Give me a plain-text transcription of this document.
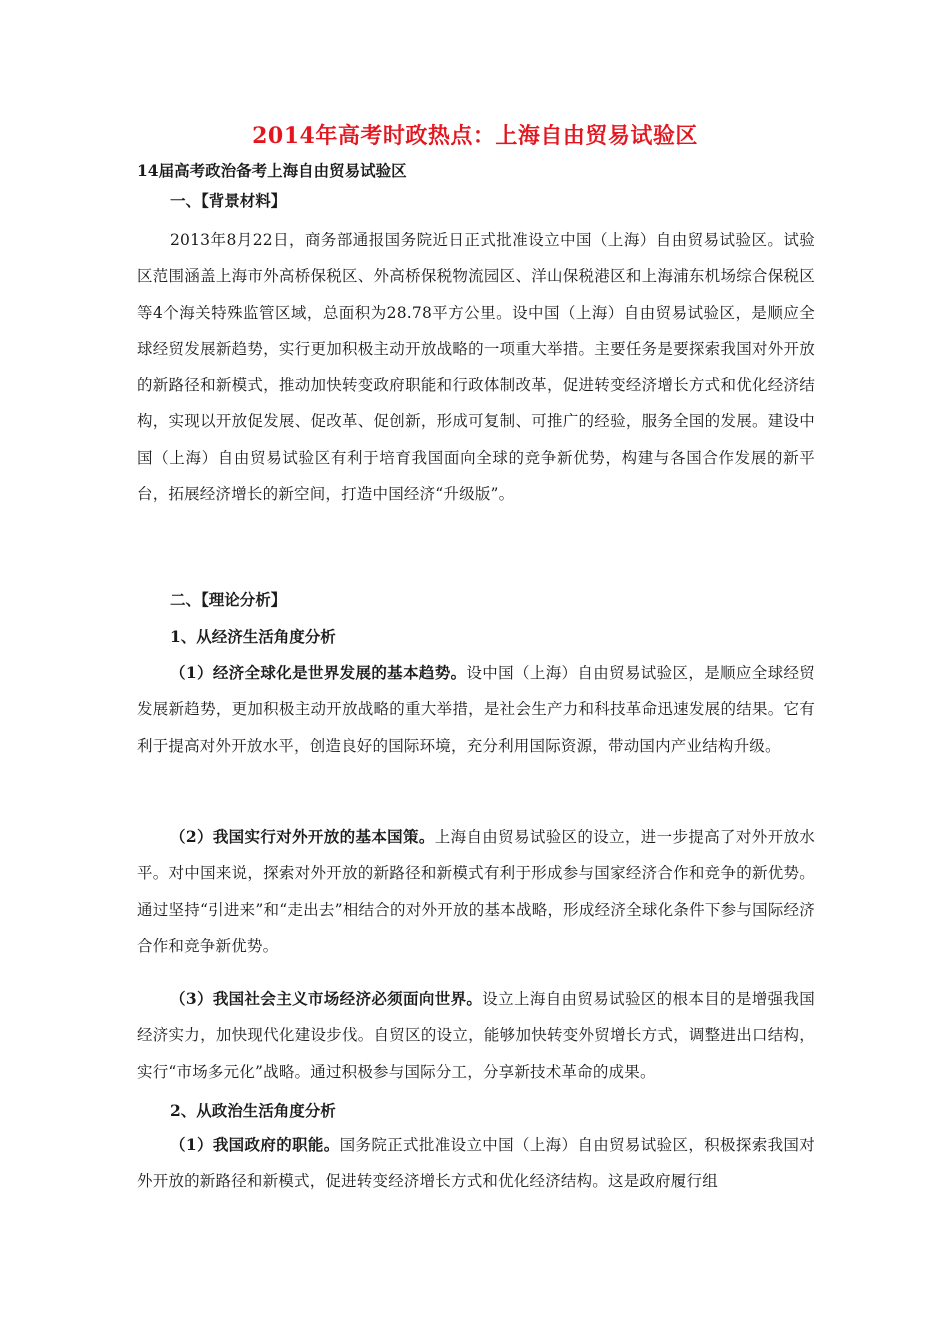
2014年高考时政热点：上海自由贸易试验区
14届高考政治备考上海自由贸易试验区
一、【背景材料】
2013年8月22日，商务部通报国务院近日正式批准设立中国（上海）自由贸易试验区。试验区范围涵盖上海市外高桥保税区、外高桥保税物流园区、洋山保税港区和上海浦东机场综合保税区等4个海关特殊监管区域，总面积为28.78平方公里。设中国（上海）自由贸易试验区，是顺应全球经贸发展新趋势，实行更加积极主动开放战略的一项重大举措。主要任务是要探索我国对外开放的新路径和新模式，推动加快转变政府职能和行政体制改革，促进转变经济增长方式和优化经济结构，实现以开放促发展、促改革、促创新，形成可复制、可推广的经验，服务全国的发展。建设中国（上海）自由贸易试验区有利于培育我国面向全球的竞争新优势，构建与各国合作发展的新平台，拓展经济增长的新空间，打造中国经济“升级版”。
二、【理论分析】
1、从经济生活角度分析
（1）经济全球化是世界发展的基本趋势。设中国（上海）自由贸易试验区，是顺应全球经贸发展新趋势，更加积极主动开放战略的重大举措，是社会生产力和科技革命迅速发展的结果。它有利于提高对外开放水平，创造良好的国际环境，充分利用国际资源，带动国内产业结构升级。
（2）我国实行对外开放的基本国策。上海自由贸易试验区的设立，进一步提高了对外开放水平。对中国来说，探索对外开放的新路径和新模式有利于形成参与国家经济合作和竞争的新优势。通过坚持“引进来”和“走出去”相结合的对外开放的基本战略，形成经济全球化条件下参与国际经济合作和竞争新优势。
（3）我国社会主义市场经济必须面向世界。设立上海自由贸易试验区的根本目的是增强我国经济实力，加快现代化建设步伐。自贸区的设立，能够加快转变外贸增长方式，调整进出口结构，实行“市场多元化”战略。通过积极参与国际分工，分享新技术革命的成果。
2、从政治生活角度分析
（1）我国政府的职能。国务院正式批准设立中国（上海）自由贸易试验区，积极探索我国对外开放的新路径和新模式，促进转变经济增长方式和优化经济结构。这是政府履行组
